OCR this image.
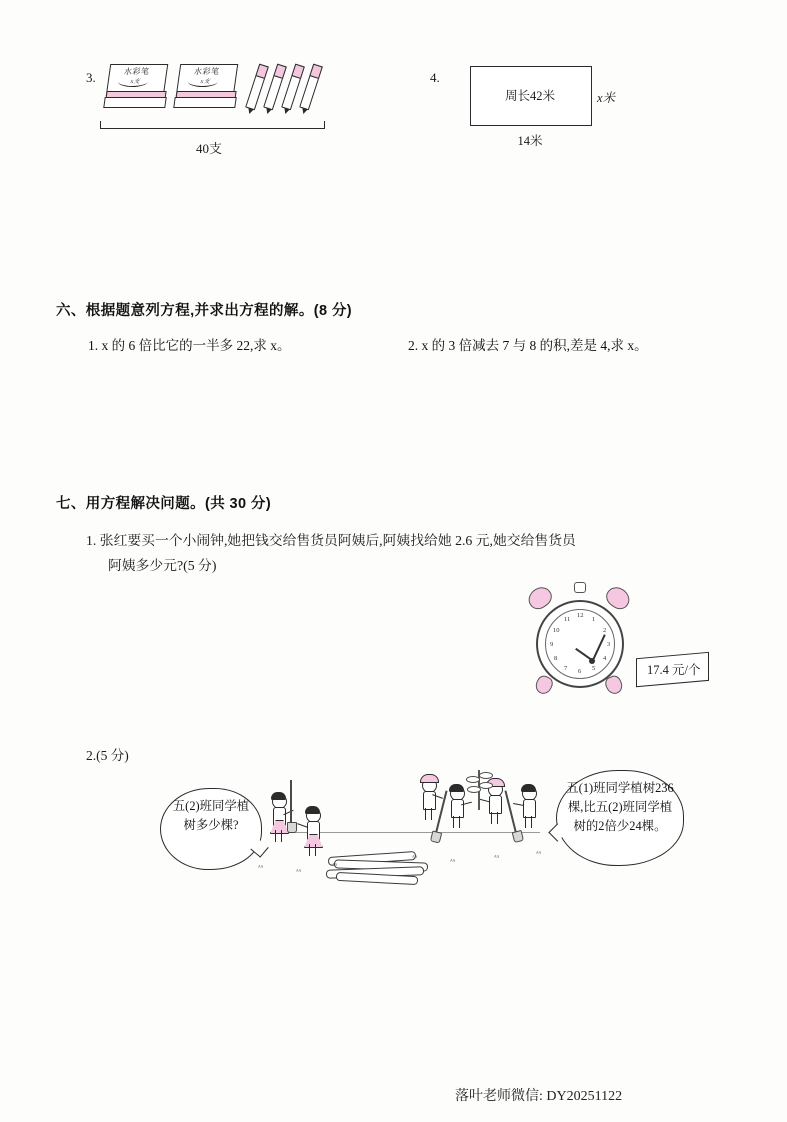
3.	水彩笔
x支
水彩笔
x支
40支
4.
周长42米	x米
14米
六、根据题意列方程,并求出方程的解。(8 分)
1. x 的 6 倍比它的一半多 22,求 x。	2. x 的 3 倍减去 7 与 8 的积,差是 4,求 x。
七、用方程解决问题。(共 30 分)
1. 张红要买一个小闹钟,她把钱交给售货员阿姨后,阿姨找给她 2.6 元,她交给售货员
阿姨多少元?(5 分)
12
1
2
3
4
5
6
7
8
9
10
11
17.4 元/个
2.(5 分)
五(2)班同学植树多少棵?
五(1)班同学植树236棵,比五(2)班同学植树的2倍少24棵。
ᶺᶺ	ᶺᶺ
ᶺᶺ
ᶺᶺ	ᶺᶺ	ᶺᶺ	ᶺᶺ
落叶老师微信: DY20251122
